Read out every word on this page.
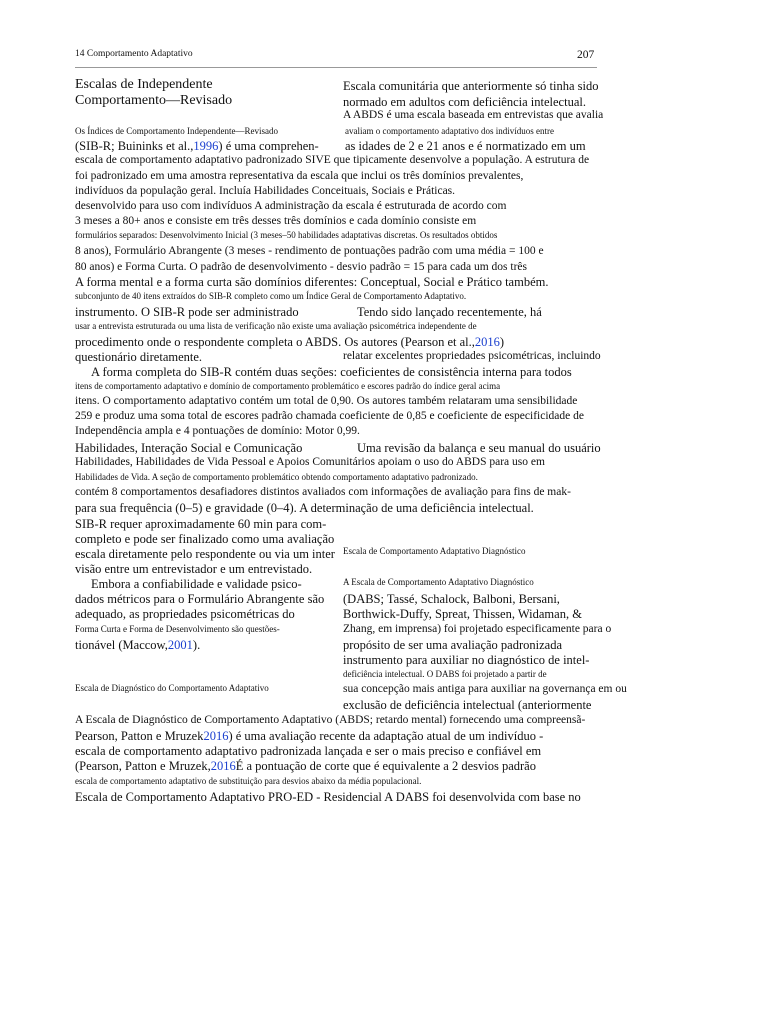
14 Comportamento Adaptativo	207
Escalas de Independente
Comportamento—Revisado
Escala comunitária que anteriormente só tinha sido
normado em adultos com deficiência intelectual.
A ABDS é uma escala baseada em entrevistas que avalia
Os Índices de Comportamento Independente—Revisado	avaliam o comportamento adaptativo dos indivíduos entre
(SIB-R; Buininks et al.,1996) é uma comprehen- as idades de 2 e 21 anos e é normatizado em um
escala de comportamento adaptativo padronizado SIVE que tipicamente desenvolve a população. A estrutura de
foi padronizado em uma amostra representativa da escala que inclui os três domínios prevalentes,
indivíduos da população geral. Incluía Habilidades Conceituais, Sociais e Práticas.
desenvolvido para uso com indivíduos A administração da escala é estruturada de acordo com
3 meses a 80+ anos e consiste em três desses três domínios e cada domínio consiste em
formulários separados: Desenvolvimento Inicial (3 meses–50 habilidades adaptativas discretas. Os resultados obtidos
8 anos), Formulário Abrangente (3 meses - rendimento de pontuações padrão com uma média = 100 e
80 anos) e Forma Curta. O padrão de desenvolvimento - desvio padrão = 15 para cada um dos três
A forma mental e a forma curta são domínios diferentes: Conceptual, Social e Prático também.
subconjunto de 40 itens extraídos do SIB-R completo como um Índice Geral de Comportamento Adaptativo.
instrumento. O SIB-R pode ser administrado	Tendo sido lançado recentemente, há
usar a entrevista estruturada ou uma lista de verificação não existe uma avaliação psicométrica independente de
procedimento onde o respondente completa o ABDS. Os autores (Pearson et al.,2016)
questionário diretamente.	relatar excelentes propriedades psicométricas, incluindo
A forma completa do SIB-R contém duas seções: coeficientes de consistência interna para todos
itens de comportamento adaptativo e domínio de comportamento problemático e escores padrão do índice geral acima
itens. O comportamento adaptativo contém um total de 0,90. Os autores também relataram uma sensibilidade
259 e produz uma soma total de escores padrão chamada coeficiente de 0,85 e coeficiente de especificidade de
Independência ampla e 4 pontuações de domínio: Motor 0,99.
Habilidades, Interação Social e Comunicação	Uma revisão da balança e seu manual do usuário
Habilidades, Habilidades de Vida Pessoal e Apoios Comunitários apoiam o uso do ABDS para uso em
Habilidades de Vida. A seção de comportamento problemático obtendo comportamento adaptativo padronizado.
contém 8 comportamentos desafiadores distintos avaliados com informações de avaliação para fins de mak-
para sua frequência (0–5) e gravidade (0–4). A determinação de uma deficiência intelectual.
SIB-R requer aproximadamente 60 min para com-
completo e pode ser finalizado como uma avaliação
escala diretamente pelo respondente ou via um inter Escala de Comportamento Adaptativo Diagnóstico
visão entre um entrevistador e um entrevistado.
Embora a confiabilidade e validade psico-	A Escala de Comportamento Adaptativo Diagnóstico
dados métricos para o Formulário Abrangente são (DABS; Tassé, Schalock, Balboni, Bersani,
adequado, as propriedades psicométricas do	Borthwick-Duffy, Spreat, Thissen, Widaman, &
Forma Curta e Forma de Desenvolvimento são questões-	Zhang, em imprensa) foi projetado especificamente para o
tionável (Maccow,2001).	propósito de ser uma avaliação padronizada
instrumento para auxiliar no diagnóstico de intel-
deficiência intelectual. O DABS foi projetado a partir de
Escala de Diagnóstico do Comportamento Adaptativo	sua concepção mais antiga para auxiliar na governança em ou
exclusão de deficiência intelectual (anteriormente
A Escala de Diagnóstico de Comportamento Adaptativo (ABDS; retardo mental) fornecendo uma compreensã-
Pearson, Patton e Mruzek2016) é uma avaliação recente da adaptação atual de um indivíduo -
escala de comportamento adaptativo padronizada lançada e ser o mais preciso e confiável em
(Pearson, Patton e Mruzek,2016É a pontuação de corte que é equivalente a 2 desvios padrão
escala de comportamento adaptativo de substituição para desvios abaixo da média populacional.
Escala de Comportamento Adaptativo PRO-ED - Residencial A DABS foi desenvolvida com base no
